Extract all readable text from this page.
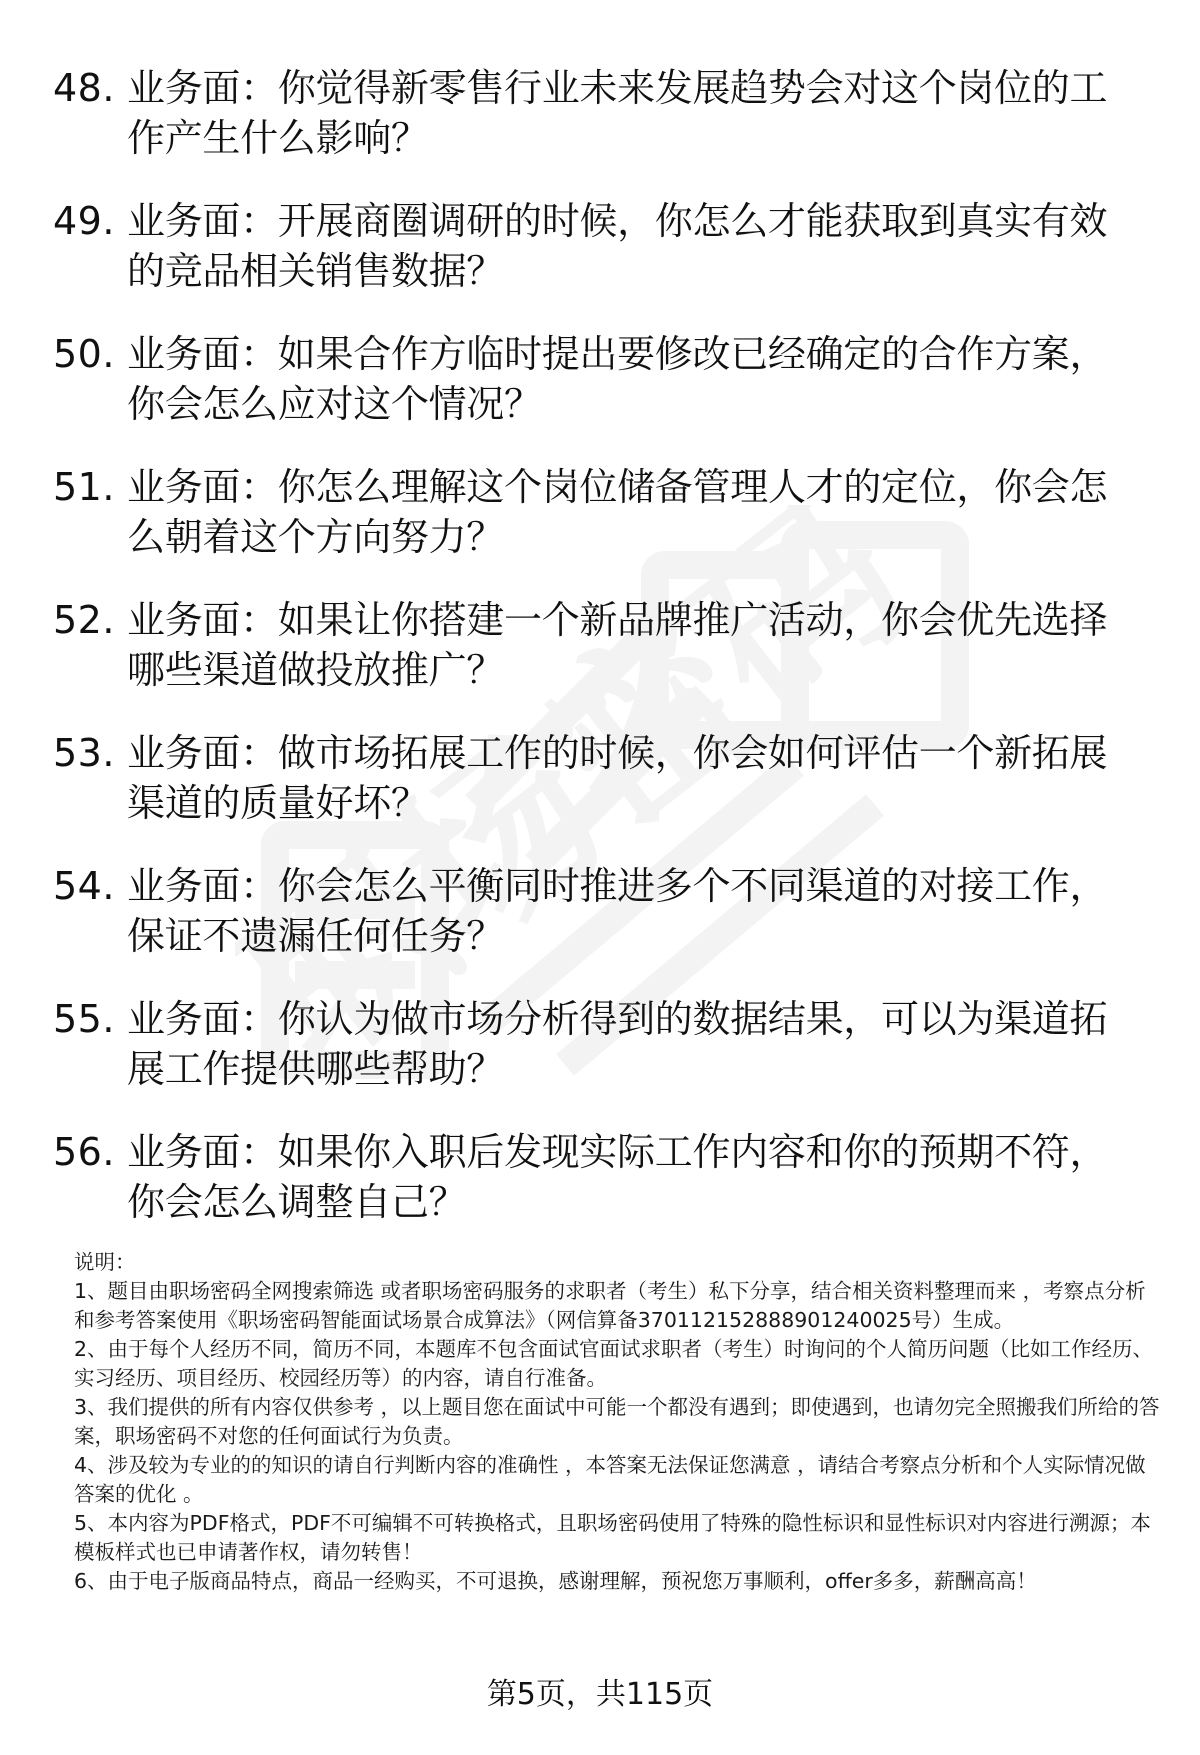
48. 业务面：你觉得新零售行业未来发展趋势会对这个岗位的工作产生什么影响？
49. 业务面：开展商圈调研的时候，你怎么才能获取到真实有效的竞品相关销售数据？
50. 业务面：如果合作方临时提出要修改已经确定的合作方案，你会怎么应对这个情况？
51. 业务面：你怎么理解这个岗位储备管理人才的定位，你会怎么朝着这个方向努力？
52. 业务面：如果让你搭建一个新品牌推广活动，你会优先选择哪些渠道做投放推广？
53. 业务面：做市场拓展工作的时候，你会如何评估一个新拓展渠道的质量好坏？
54. 业务面：你会怎么平衡同时推进多个不同渠道的对接工作，保证不遗漏任何任务？
55. 业务面：你认为做市场分析得到的数据结果，可以为渠道拓展工作提供哪些帮助？
56. 业务面：如果你入职后发现实际工作内容和你的预期不符，你会怎么调整自己？

说明：

1、题目由职场密码全网搜索筛选 或者职场密码服务的求职者（考生）私下分享，结合相关资料整理而来 ，考察点分析和参考答案使用《职场密码智能面试场景合成算法》（网信算备370112152888901240025号）生成。

2、由于每个人经历不同，简历不同，本题库不包含面试官面试求职者（考生）时询问的个人简历问题（比如工作经历、实习经历、项目经历、校园经历等）的内容，请自行准备。

3、我们提供的所有内容仅供参考 ，以上题目您在面试中可能一个都没有遇到；即使遇到，也请勿完全照搬我们所给的答案，职场密码不对您的任何面试行为负责。

4、涉及较为专业的的知识的请自行判断内容的准确性 ，本答案无法保证您满意 ，请结合考察点分析和个人实际情况做答案的优化 。

5、本内容为PDF格式，PDF不可编辑不可转换格式，且职场密码使用了特殊的隐性标识和显性标识对内容进行溯源；本模板样式也已申请著作权，请勿转售！

6、由于电子版商品特点，商品一经购买，不可退换，感谢理解，预祝您万事顺利，offer多多，薪酬高高！

第5页，共115页
